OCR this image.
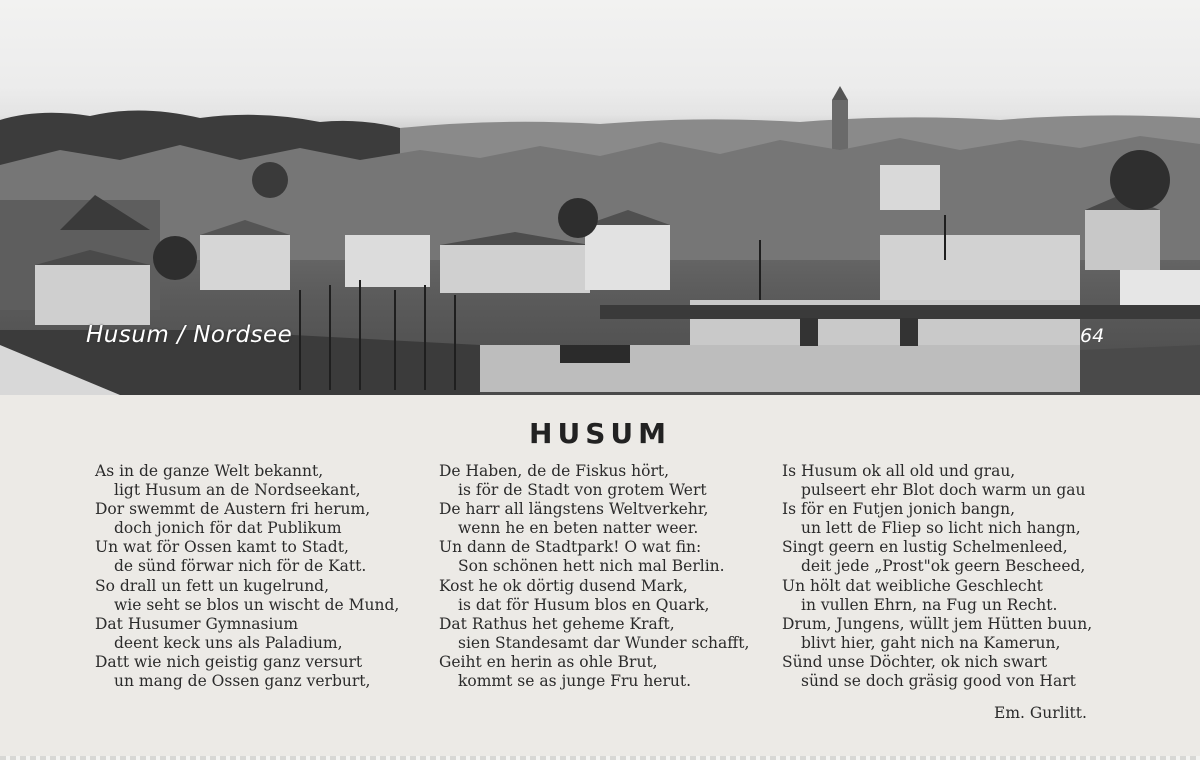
Husum / Nordsee	64
HUSUM
As in de ganze Welt bekannt,
ligt Husum an de Nordseekant,
Dor swemmt de Austern fri herum,
doch jonich för dat Publikum
Un wat för Ossen kamt to Stadt,
de sünd förwar nich för de Katt.
So drall un fett un kugelrund,
wie seht se blos un wischt de Mund,
Dat Husumer Gymnasium
deent keck uns als Paladium,
Datt wie nich geistig ganz versurt
un mang de Ossen ganz verburt,
De Haben, de de Fiskus hört,
is för de Stadt von grotem Wert
De harr all längstens Weltverkehr,
wenn he en beten natter weer.
Un dann de Stadtpark! O wat fin:
Son schönen hett nich mal Berlin.
Kost he ok dörtig dusend Mark,
is dat för Husum blos en Quark,
Dat Rathus het geheme Kraft,
sien Standesamt dar Wunder schafft,
Geiht en herin as ohle Brut,
kommt se as junge Fru herut.
Is Husum ok all old und grau,
pulseert ehr Blot doch warm un gau
Is för en Futjen jonich bangn,
un lett de Fliep so licht nich hangn,
Singt geern en lustig Schelmenleed,
deit jede „Prost"ok geern Bescheed,
Un hölt dat weibliche Geschlecht
in vullen Ehrn, na Fug un Recht.
Drum, Jungens, wüllt jem Hütten buun,
blivt hier, gaht nich na Kamerun,
Sünd unse Döchter, ok nich swart
sünd se doch gräsig good von Hart
Em. Gurlitt.
